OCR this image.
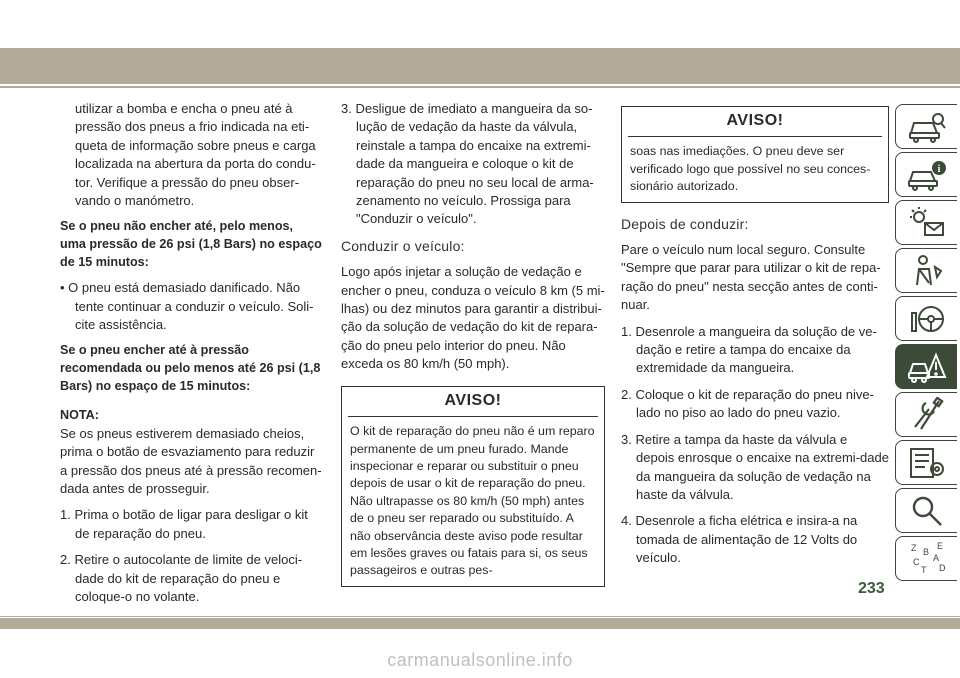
utilizar a bomba e encha o pneu até à pressão dos pneus a frio indicada na eti-queta de informação sobre pneus e carga localizada na abertura da porta do condu-tor. Verifique a pressão do pneu obser-vando o manómetro.

Se o pneu não encher até, pelo menos, uma pressão de 26 psi (1,8 Bars) no espaço de 15 minutos:

• O pneu está demasiado danificado. Não tente continuar a conduzir o veículo. Soli-cite assistência.

Se o pneu encher até à pressão recomendada ou pelo menos até 26 psi (1,8 Bars) no espaço de 15 minutos:

NOTA:

Se os pneus estiverem demasiado cheios, prima o botão de esvaziamento para reduzir a pressão dos pneus até à pressão recomen-dada antes de prosseguir.

1. Prima o botão de ligar para desligar o kit de reparação do pneu.

2. Retire o autocolante de limite de veloci-dade do kit de reparação do pneu e coloque-o no volante.

3. Desligue de imediato a mangueira da so-lução de vedação da haste da válvula, reinstale a tampa do encaixe na extremi-dade da mangueira e coloque o kit de reparação do pneu no seu local de arma-zenamento no veículo. Prossiga para "Conduzir o veículo".

Conduzir o veículo:

Logo após injetar a solução de vedação e encher o pneu, conduza o veículo 8 km (5 mi-lhas) ou dez minutos para garantir a distribui-ção da solução de vedação do kit de repara-ção do pneu pelo interior do pneu. Não exceda os 80 km/h (50 mph).

AVISO!
O kit de reparação do pneu não é um reparo permanente de um pneu furado. Mande inspecionar e reparar ou substituir o pneu depois de usar o kit de reparação do pneu. Não ultrapasse os 80 km/h (50 mph) antes de o pneu ser reparado ou substituído. A não observância deste aviso pode resultar em lesões graves ou fatais para si, os seus passageiros e outras pes-
AVISO!
soas nas imediações. O pneu deve ser verificado logo que possível no seu conces-sionário autorizado.

Depois de conduzir:

Pare o veículo num local seguro. Consulte "Sempre que parar para utilizar o kit de repa-ração do pneu" nesta secção antes de conti-nuar.

1. Desenrole a mangueira da solução de ve-dação e retire a tampa do encaixe da extremidade da mangueira.

2. Coloque o kit de reparação do pneu nive-lado no piso ao lado do pneu vazio.

3. Retire a tampa da haste da válvula e depois enrosque o encaixe na extremi-dade da mangueira da solução de vedação na haste da válvula.

4. Desenrole a ficha elétrica e insira-a na tomada de alimentação de 12 Volts do veículo.

i
Z E
B
A
C
T D
233
carmanualsonline.info
